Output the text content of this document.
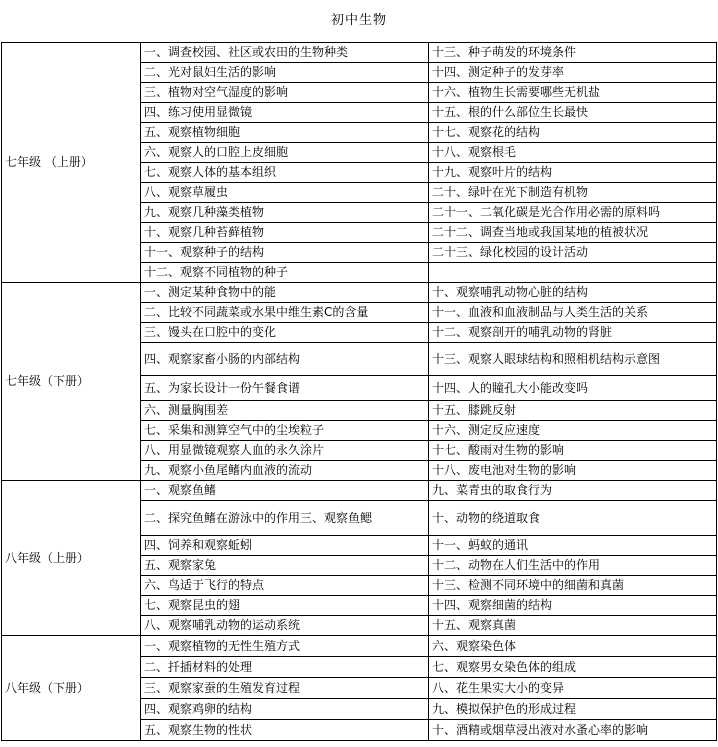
初中生物
七年级 （上册）	一、调查校园、社区或农田的生物种类	十三、种子萌发的环境条件
	二、光对鼠妇生活的影响	十四、测定种子的发芽率
	三、植物对空气湿度的影响	十六、植物生长需要哪些无机盐
	四、练习使用显微镜	十五、根的什么部位生长最快
	五、观察植物细胞	十七、观察花的结构
	六、观察人的口腔上皮细胞	十八、观察根毛
	七、观察人体的基本组织	十九、观察叶片的结构
	八、观察草履虫	二十、绿叶在光下制造有机物
	九、观察几种藻类植物	二十一、二氧化碳是光合作用必需的原料吗
	十、观察几种苔藓植物	二十二、调查当地或我国某地的植被状况
	十一、观察种子的结构	二十三、绿化校园的设计活动
	十二、观察不同植物的种子	
七年级（下册）	一、测定某种食物中的能	十、观察哺乳动物心脏的结构
	二、比较不同蔬菜或水果中维生素C的含量	十一、血液和血液制品与人类生活的关系
	三、馒头在口腔中的变化	十二、观察剖开的哺乳动物的肾脏
	四、观察家畜小肠的内部结构	十三、观察人眼球结构和照相机结构示意图
	五、为家长设计一份午餐食谱	十四、人的瞳孔大小能改变吗
	六、测量胸围差	十五、膝跳反射
	七、采集和测算空气中的尘埃粒子	十六、测定反应速度
	八、用显微镜观察人血的永久涂片	十七、酸雨对生物的影响
	九、观察小鱼尾鳍内血液的流动	十八、废电池对生物的影响
八年级（上册）	一、观察鱼鳍	九、菜青虫的取食行为
	二、探究鱼鳍在游泳中的作用三、观察鱼鳃	十、动物的绕道取食
	四、饲养和观察蚯蚓	十一、蚂蚁的通讯
	五、观察家兔	十二、动物在人们生活中的作用
	六、鸟适于飞行的特点	十三、检测不同环境中的细菌和真菌
	七、观察昆虫的翅	十四、观察细菌的结构
	八、观察哺乳动物的运动系统	十五、观察真菌
八年级（下册）	一、观察植物的无性生殖方式	六、观察染色体
	二、扦插材料的处理	七、观察男女染色体的组成
	三、观察家蚕的生殖发育过程	八、花生果实大小的变异
	四、观察鸡卵的结构	九、模拟保护色的形成过程
	五、观察生物的性状	十、酒精或烟草浸出液对水蚤心率的影响
